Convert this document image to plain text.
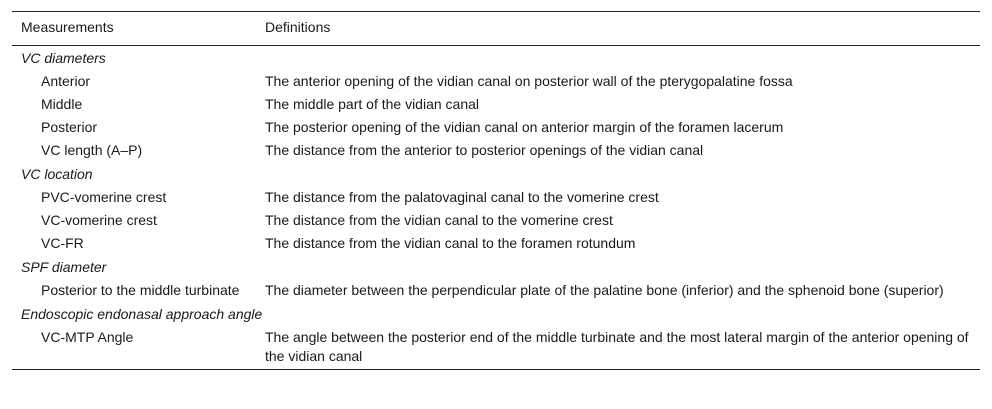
Measurements	Definitions
VC diameters	
Anterior	The anterior opening of the vidian canal on posterior wall of the pterygopalatine fossa
Middle	The middle part of the vidian canal
Posterior	The posterior opening of the vidian canal on anterior margin of the foramen lacerum
VC length (A–P)	The distance from the anterior to posterior openings of the vidian canal
VC location	
PVC-vomerine crest	The distance from the palatovaginal canal to the vomerine crest
VC-vomerine crest	The distance from the vidian canal to the vomerine crest
VC-FR	The distance from the vidian canal to the foramen rotundum
SPF diameter	
Posterior to the middle turbinate	The diameter between the perpendicular plate of the palatine bone (inferior) and the sphenoid bone (superior)
Endoscopic endonasal approach angle	
VC-MTP Angle	The angle between the posterior end of the middle turbinate and the most lateral margin of the anterior opening of the vidian canal
